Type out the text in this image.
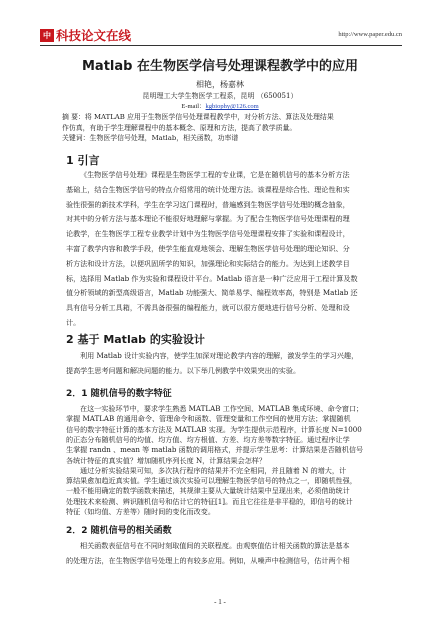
中国
科技论文在线	http://www.paper.edu.cn
Matlab 在生物医学信号处理课程教学中的应用
相艳，杨嘉林
昆明理工大学生物医学工程系，昆明 （650051）
E-mail：kgbiophy@126.com
摘 要：将 MATLAB 应用于生物医学信号处理课程教学中，对分析方法、算法及处理结果
作仿真，有助于学生理解课程中的基本概念、原理和方法，提高了教学质量。
关键词：生物医学信号处理，Matlab，相关函数，功率谱
1 引言
《生物医学信号处理》课程是生物医学工程的专业课，它是在随机信号的基本分析方法
基础上，结合生物医学信号的特点介绍常用的统计处理方法。该课程是综合性、理论性和实
验性很强的新技术学科，学生在学习这门课程时，普遍感到生物医学信号处理的概念抽象，
对其中的分析方法与基本理论不能很好地理解与掌握。为了配合生物医学信号处理课程的理
论教学，在生物医学工程专业教学计划中为生物医学信号处理课程安排了实验和课程设计，
丰富了教学内容和教学手段，使学生能直观地领会、理解生物医学信号处理的理论知识、分
析方法和设计方法，以便巩固所学的知识，加强理论和实际结合的能力。为达到上述教学目
标，选择用 Matlab 作为实验和课程设计平台。Matlab 语言是一种广泛应用于工程计算及数
值分析领域的新型高级语言，Matlab 功能强大、简单易学、编程效率高，特别是 Matlab 还
具有信号分析工具箱，不需具备很强的编程能力，就可以很方便地进行信号分析、处理和设
计。
2 基于 Matlab 的实验设计
利用 Matlab 设计实验内容，使学生加深对理论教学内容的理解，激发学生的学习兴趣，
提高学生思考问题和解决问题的能力。以下举几例教学中效果突出的实验。
2．1 随机信号的数字特征
在这一实验环节中，要求学生熟悉 MATLAB 工作空间、MATLAB 集成环境、命令窗口；
掌握 MATLAB 的通用命令、管理命令和函数、管理变量和工作空间的使用方法；掌握随机
信号的数字特征计算的基本方法及 MATLAB 实现。为学生提供示范程序，计算长度 N=1000
的正态分布随机信号的均值、均方值、均方根值、方差、均方差等数字特征。通过程序让学
生掌握 randn 、mean 等 matlab 函数的调用格式，并提示学生思考：计算结果是否随机信号
各统计特征的真实值？增加随机序列长度 N，计算结果会怎样？
通过分析实验结果可知，多次执行程序的结果并不完全相同，并且随着 N 的增大，计
算结果愈加趋近真实值。学生通过该次实验可以理解生物医学信号的特点之一，即随机性强，
一般不能用确定的数学函数来描述，其规律主要从大量统计结果中呈现出来，必须借助统计
处理技术来检测、辨识随机信号和估计它的特征[1]。而且它往往是非平稳的，即信号的统计
特征（如均值、方差等）随时间的变化而改变。
2．2 随机信号的相关函数
相关函数表征信号在不同时刻取值间的关联程度。由观察值估计相关函数的算法是基本
的处理方法，在生物医学信号处理上的有较多应用。例如，从噪声中检测信号，估计两个相
- 1 -
